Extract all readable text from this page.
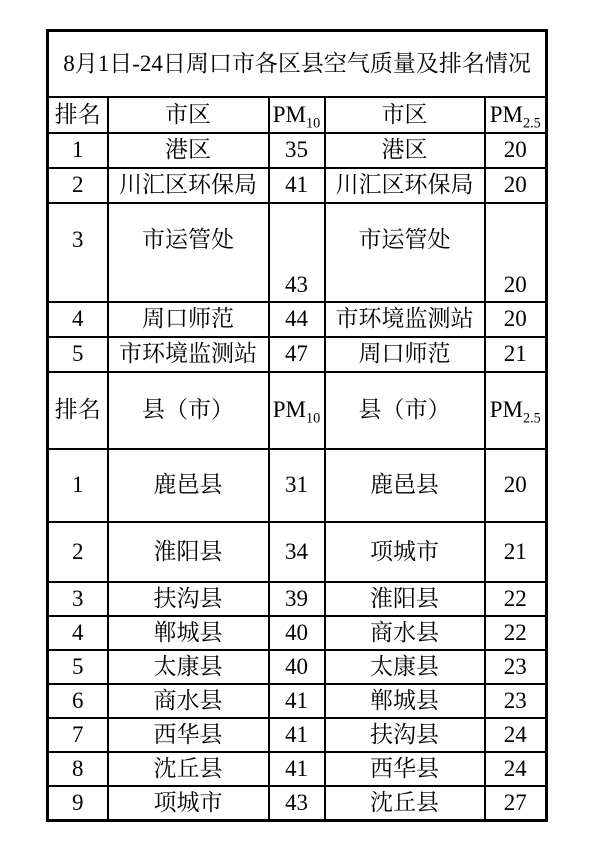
8月1日-24日周口市各区县空气质量及排名情况				
排名	市区	$PM_{10}$	市区	$PM_{2.5}$
1	港区	35	港区	20
2	川汇区环保局	41	川汇区环保局	20
3	市运管处	43	市运管处	20
4	周口师范	44	市环境监测站	20
5	市环境监测站	47	周口师范	21
排名	县（市）	$PM_{10}$	县（市）	$PM_{2.5}$
1	鹿邑县	31	鹿邑县	20
2	淮阳县	34	项城市	21
3	扶沟县	39	淮阳县	22
4	郸城县	40	商水县	22
5	太康县	40	太康县	23
6	商水县	41	郸城县	23
7	西华县	41	扶沟县	24
8	沈丘县	41	西华县	24
9	项城市	43	沈丘县	27
